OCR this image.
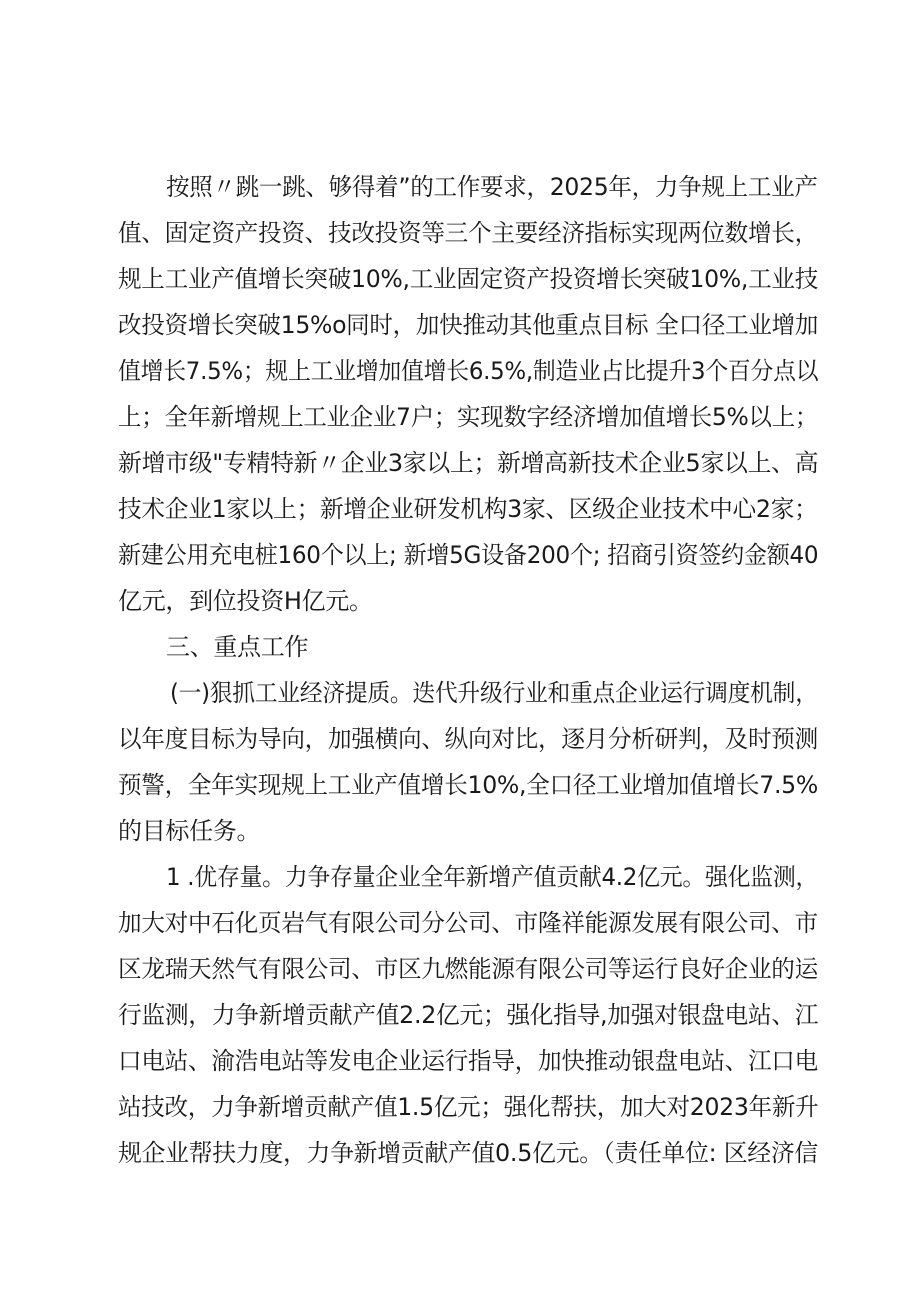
按照〃跳一跳、够得着”的工作要求，2025年，力争规上工业产
值、固定资产投资、技改投资等三个主要经济指标实现两位数增长，
规上工业产值增长突破10%,工业固定资产投资增长突破10%,工业技
改投资增长突破15%o同时，加快推动其他重点目标 全口径工业增加
值增长7.5%；规上工业增加值增长6.5%,制造业占比提升3个百分点以
上；全年新增规上工业企业7户；实现数字经济增加值增长5%以上；
新增市级"专精特新〃企业3家以上；新增高新技术企业5家以上、高
技术企业1家以上；新增企业研发机构3家、区级企业技术中心2家；
新建公用充电桩160个以上; 新增5G设备200个; 招商引资签约金额40
亿元，到位投资H亿元。
三、重点工作
(一)狠抓工业经济提质。迭代升级行业和重点企业运行调度机制，
以年度目标为导向，加强横向、纵向对比，逐月分析研判，及时预测
预警，全年实现规上工业产值增长10%,全口径工业增加值增长7.5%
的目标任务。
1 .优存量。力争存量企业全年新增产值贡献4.2亿元。强化监测，
加大对中石化页岩气有限公司分公司、市隆祥能源发展有限公司、市
区龙瑞天然气有限公司、市区九燃能源有限公司等运行良好企业的运
行监测，力争新增贡献产值2.2亿元；强化指导,加强对银盘电站、江
口电站、渝浩电站等发电企业运行指导，加快推动银盘电站、江口电
站技改，力争新增贡献产值1.5亿元；强化帮扶，加大对2023年新升
规企业帮扶力度，力争新增贡献产值0.5亿元。（责任单位: 区经济信
